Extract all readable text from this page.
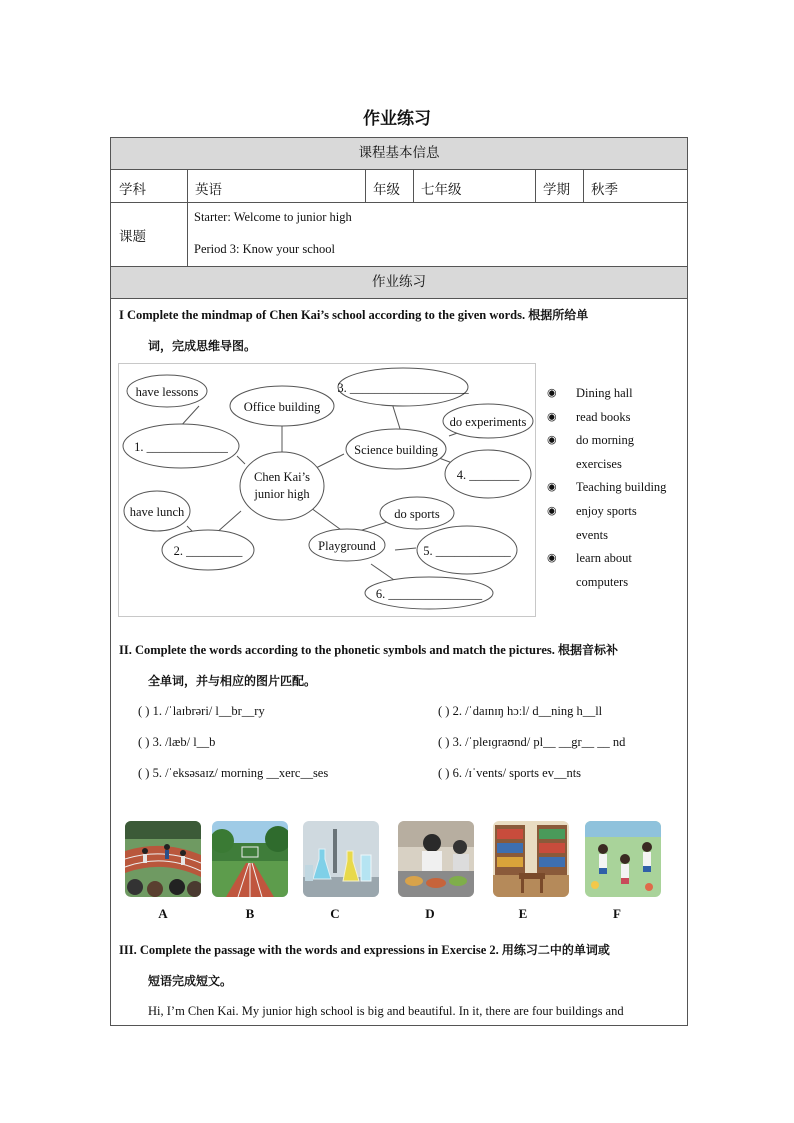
作业练习
课程基本信息
学科	英语	年级 七年级	学期 秋季
课题
Starter: Welcome to junior high
Period 3: Know your school
作业练习
I Complete the mindmap of Chen Kai’s school according to the given words. 根据所给单
词，完成思维导图。
Chen Kai’s
junior high
have lessons
Office building
3. ___________________
do experiments
Science building
1. _____________
4. ________
have lunch	do sports
2. _________	Playground	5. ____________
6. _______________
◉	Dining hall
◉	read books
◉	do morning
exercises
◉	Teaching building
◉	enjoy sports
events
◉	learn about
computers
II. Complete the words according to the phonetic symbols and match the pictures. 根据音标补
全单词，并与相应的图片匹配。
( ) 1. /ˈlaɪbrəri/ l__br__ry	( ) 2. /ˈdaɪnɪŋ hɔːl/ d__ning h__ll
( ) 3. /læb/ l__b	( ) 3. /ˈpleɪɡraʊnd/ pl__ __gr__ __ nd
( ) 5. /ˈeksəsaɪz/ morning __xerc__ses	( ) 6. /ɪˈvents/ sports ev__nts
A	B	C	D	E	F
III. Complete the passage with the words and expressions in Exercise 2. 用练习二中的单词或
短语完成短文。
Hi, I’m Chen Kai. My junior high school is big and beautiful. In it, there are four buildings and
